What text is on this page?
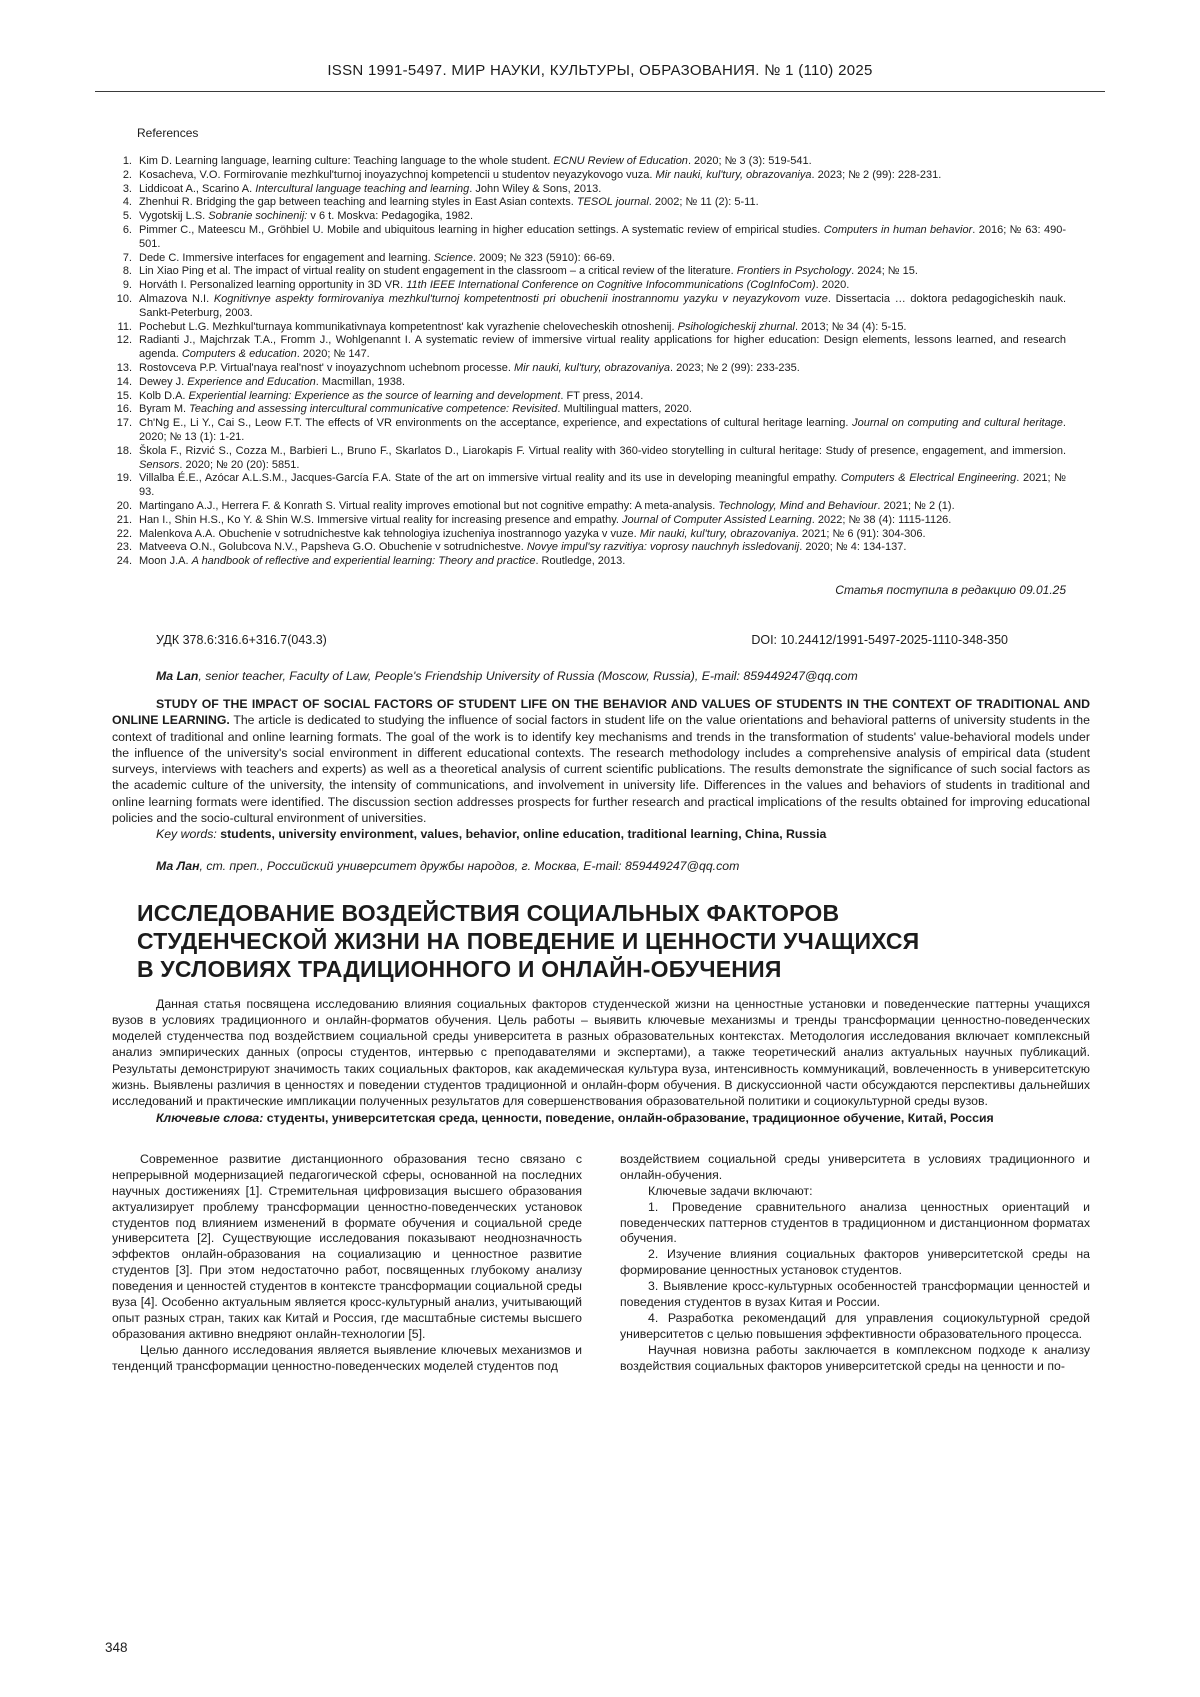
ISSN 1991-5497. МИР НАУКИ, КУЛЬТУРЫ, ОБРАЗОВАНИЯ. № 1 (110) 2025
References
1. Kim D. Learning language, learning culture: Teaching language to the whole student. ECNU Review of Education. 2020; № 3 (3): 519-541.
2. Kosacheva, V.O. Formirovanie mezhkul'turnoj inoyazychnoj kompetencii u studentov neyazykovogo vuza. Mir nauki, kul'tury, obrazovaniya. 2023; № 2 (99): 228-231.
3. Liddicoat A., Scarino A. Intercultural language teaching and learning. John Wiley & Sons, 2013.
4. Zhenhui R. Bridging the gap between teaching and learning styles in East Asian contexts. TESOL journal. 2002; № 11 (2): 5-11.
5. Vygotskij L.S. Sobranie sochinenij: v 6 t. Moskva: Pedagogika, 1982.
6. Pimmer C., Mateescu M., Gröhbiel U. Mobile and ubiquitous learning in higher education settings. A systematic review of empirical studies. Computers in human behavior. 2016; № 63: 490-501.
7. Dede C. Immersive interfaces for engagement and learning. Science. 2009; № 323 (5910): 66-69.
8. Lin Xiao Ping et al. The impact of virtual reality on student engagement in the classroom – a critical review of the literature. Frontiers in Psychology. 2024; № 15.
9. Horváth I. Personalized learning opportunity in 3D VR. 11th IEEE International Conference on Cognitive Infocommunications (CogInfoCom). 2020.
10. Almazova N.I. Kognitivnye aspekty formirovaniya mezhkul'turnoj kompetentnosti pri obuchenii inostrannomu yazyku v neyazykovom vuze. Dissertacia … doktora pedagogicheskih nauk. Sankt-Peterburg, 2003.
11. Pochebut L.G. Mezhkul'turnaya kommunikativnaya kompetentnost' kak vyrazhenie chelovecheskih otnoshenij. Psihologicheskij zhurnal. 2013; № 34 (4): 5-15.
12. Radianti J., Majchrzak T.A., Fromm J., Wohlgenannt I. A systematic review of immersive virtual reality applications for higher education: Design elements, lessons learned, and research agenda. Computers & education. 2020; № 147.
13. Rostovceva P.P. Virtual'naya real'nost' v inoyazychnom uchebnom processe. Mir nauki, kul'tury, obrazovaniya. 2023; № 2 (99): 233-235.
14. Dewey J. Experience and Education. Macmillan, 1938.
15. Kolb D.A. Experiential learning: Experience as the source of learning and development. FT press, 2014.
16. Byram M. Teaching and assessing intercultural communicative competence: Revisited. Multilingual matters, 2020.
17. Ch'Ng E., Li Y., Cai S., Leow F.T. The effects of VR environments on the acceptance, experience, and expectations of cultural heritage learning. Journal on computing and cultural heritage. 2020; № 13 (1): 1-21.
18. Škola F., Rizvić S., Cozza M., Barbieri L., Bruno F., Skarlatos D., Liarokapis F. Virtual reality with 360-video storytelling in cultural heritage: Study of presence, engagement, and immersion. Sensors. 2020; № 20 (20): 5851.
19. Villalba É.E., Azócar A.L.S.M., Jacques-García F.A. State of the art on immersive virtual reality and its use in developing meaningful empathy. Computers & Electrical Engineering. 2021; № 93.
20. Martingano A.J., Herrera F. & Konrath S. Virtual reality improves emotional but not cognitive empathy: A meta-analysis. Technology, Mind and Behaviour. 2021; № 2 (1).
21. Han I., Shin H.S., Ko Y. & Shin W.S. Immersive virtual reality for increasing presence and empathy. Journal of Computer Assisted Learning. 2022; № 38 (4): 1115-1126.
22. Malenkova A.A. Obuchenie v sotrudnichestve kak tehnologiya izucheniya inostrannogo yazyka v vuze. Mir nauki, kul'tury, obrazovaniya. 2021; № 6 (91): 304-306.
23. Matveeva O.N., Golubcova N.V., Papsheva G.O. Obuchenie v sotrudnichestve. Novye impul'sy razvitiya: voprosy nauchnyh issledovanij. 2020; № 4: 134-137.
24. Moon J.A. A handbook of reflective and experiential learning: Theory and practice. Routledge, 2013.
Статья поступила в редакцию 09.01.25
УДК 378.6:316.6+316.7(043.3)	DOI: 10.24412/1991-5497-2025-1110-348-350
Ma Lan, senior teacher, Faculty of Law, People's Friendship University of Russia (Moscow, Russia), E-mail: 859449247@qq.com

STUDY OF THE IMPACT OF SOCIAL FACTORS OF STUDENT LIFE ON THE BEHAVIOR AND VALUES OF STUDENTS IN THE CONTEXT OF TRADITIONAL AND ONLINE LEARNING. The article is dedicated to studying the influence of social factors in student life on the value orientations and behavioral patterns of university students in the context of traditional and online learning formats. The goal of the work is to identify key mechanisms and trends in the transformation of students' value-behavioral models under the influence of the university's social environment in different educational contexts. The research methodology includes a comprehensive analysis of empirical data (student surveys, interviews with teachers and experts) as well as a theoretical analysis of current scientific publications. The results demonstrate the significance of such social factors as the academic culture of the university, the intensity of communications, and involvement in university life. Differences in the values and behaviors of students in traditional and online learning formats were identified. The discussion section addresses prospects for further research and practical implications of the results obtained for improving educational policies and the socio-cultural environment of universities.

Key words: students, university environment, values, behavior, online education, traditional learning, China, Russia

Ма Лан, ст. преп., Российский университет дружбы народов, г. Москва, E-mail: 859449247@qq.com
ИССЛЕДОВАНИЕ ВОЗДЕЙСТВИЯ СОЦИАЛЬНЫХ ФАКТОРОВ
СТУДЕНЧЕСКОЙ ЖИЗНИ НА ПОВЕДЕНИЕ И ЦЕННОСТИ УЧАЩИХСЯ
В УСЛОВИЯХ ТРАДИЦИОННОГО И ОНЛАЙН-ОБУЧЕНИЯ

Данная статья посвящена исследованию влияния социальных факторов студенческой жизни на ценностные установки и поведенческие паттерны учащихся вузов в условиях традиционного и онлайн-форматов обучения. Цель работы – выявить ключевые механизмы и тренды трансформации ценностно-поведенческих моделей студенчества под воздействием социальной среды университета в разных образовательных контекстах. Методология исследования включает комплексный анализ эмпирических данных (опросы студентов, интервью с преподавателями и экспертами), а также теоретический анализ актуальных научных публикаций. Результаты демонстрируют значимость таких социальных факторов, как академическая культура вуза, интенсивность коммуникаций, вовлеченность в университетскую жизнь. Выявлены различия в ценностях и поведении студентов традиционной и онлайн-форм обучения. В дискуссионной части обсуждаются перспективы дальнейших исследований и практические импликации полученных результатов для совершенствования образовательной политики и социокультурной среды вузов.

Ключевые слова: студенты, университетская среда, ценности, поведение, онлайн-образование, традиционное обучение, Китай, Россия

Современное развитие дистанционного образования тесно связано с непрерывной модернизацией педагогической сферы, основанной на последних научных достижениях [1]. Стремительная цифровизация высшего образования актуализирует проблему трансформации ценностно-поведенческих установок студентов под влиянием изменений в формате обучения и социальной среде университета [2]. Существующие исследования показывают неоднозначность эффектов онлайн-образования на социализацию и ценностное развитие студентов [3]. При этом недостаточно работ, посвященных глубокому анализу поведения и ценностей студентов в контексте трансформации социальной среды вуза [4]. Особенно актуальным является кросс-культурный анализ, учитывающий опыт разных стран, таких как Китай и Россия, где масштабные системы высшего образования активно внедряют онлайн-технологии [5].

Целью данного исследования является выявление ключевых механизмов и тенденций трансформации ценностно-поведенческих моделей студентов под

воздействием социальной среды университета в условиях традиционного и онлайн-обучения.

Ключевые задачи включают:

1. Проведение сравнительного анализа ценностных ориентаций и поведенческих паттернов студентов в традиционном и дистанционном форматах обучения.

2. Изучение влияния социальных факторов университетской среды на формирование ценностных установок студентов.

3. Выявление кросс-культурных особенностей трансформации ценностей и поведения студентов в вузах Китая и России.

4. Разработка рекомендаций для управления социокультурной средой университетов с целью повышения эффективности образовательного процесса.

Научная новизна работы заключается в комплексном подходе к анализу воздействия социальных факторов университетской среды на ценности и по-

348
